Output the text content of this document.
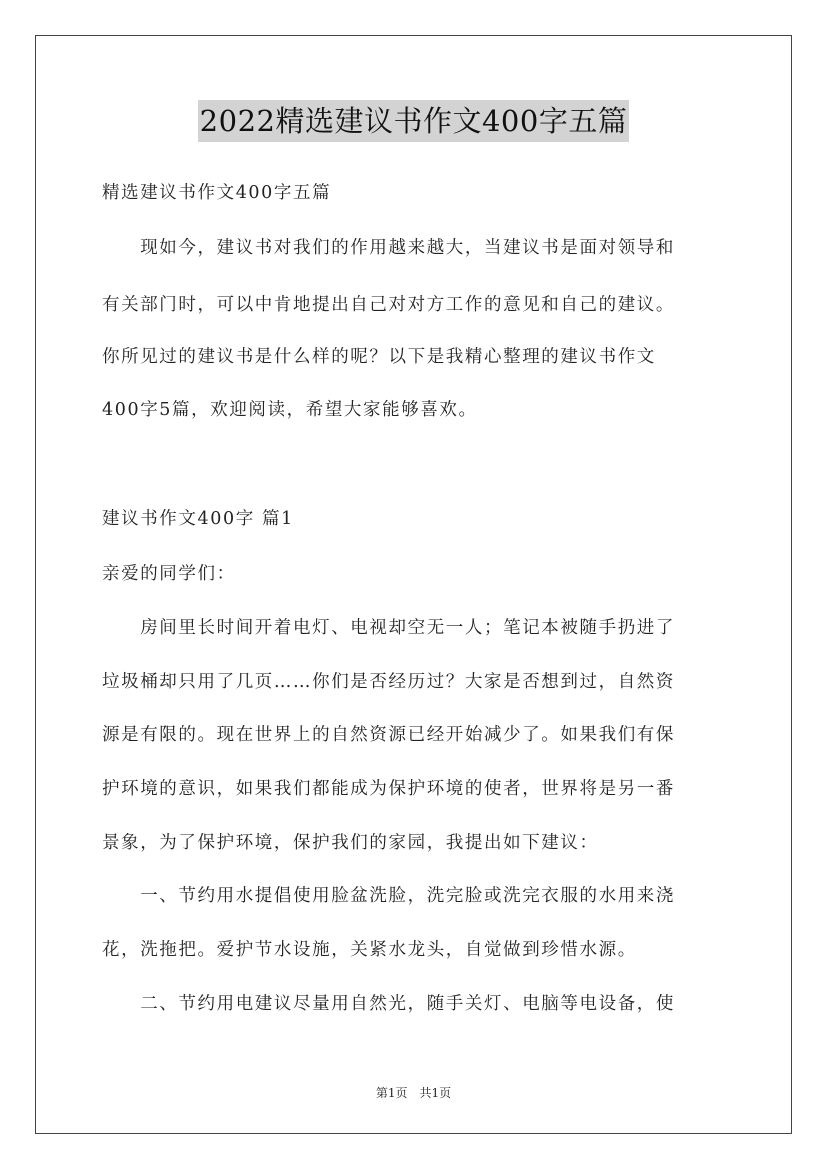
2022精选建议书作文400字五篇
精选建议书作文400字五篇
　　现如今，建议书对我们的作用越来越大，当建议书是面对领导和
有关部门时，可以中肯地提出自己对对方工作的意见和自己的建议。
你所见过的建议书是什么样的呢？以下是我精心整理的建议书作文
400字5篇，欢迎阅读，希望大家能够喜欢。
建议书作文400字 篇1
亲爱的同学们：
　　房间里长时间开着电灯、电视却空无一人；笔记本被随手扔进了
垃圾桶却只用了几页……你们是否经历过？大家是否想到过，自然资
源是有限的。现在世界上的自然资源已经开始减少了。如果我们有保
护环境的意识，如果我们都能成为保护环境的使者，世界将是另一番
景象，为了保护环境，保护我们的家园，我提出如下建议：
　　一、节约用水提倡使用脸盆洗脸，洗完脸或洗完衣服的水用来浇
花，洗拖把。爱护节水设施，关紧水龙头，自觉做到珍惜水源。
　　二、节约用电建议尽量用自然光，随手关灯、电脑等电设备，使
第1页　共1页
